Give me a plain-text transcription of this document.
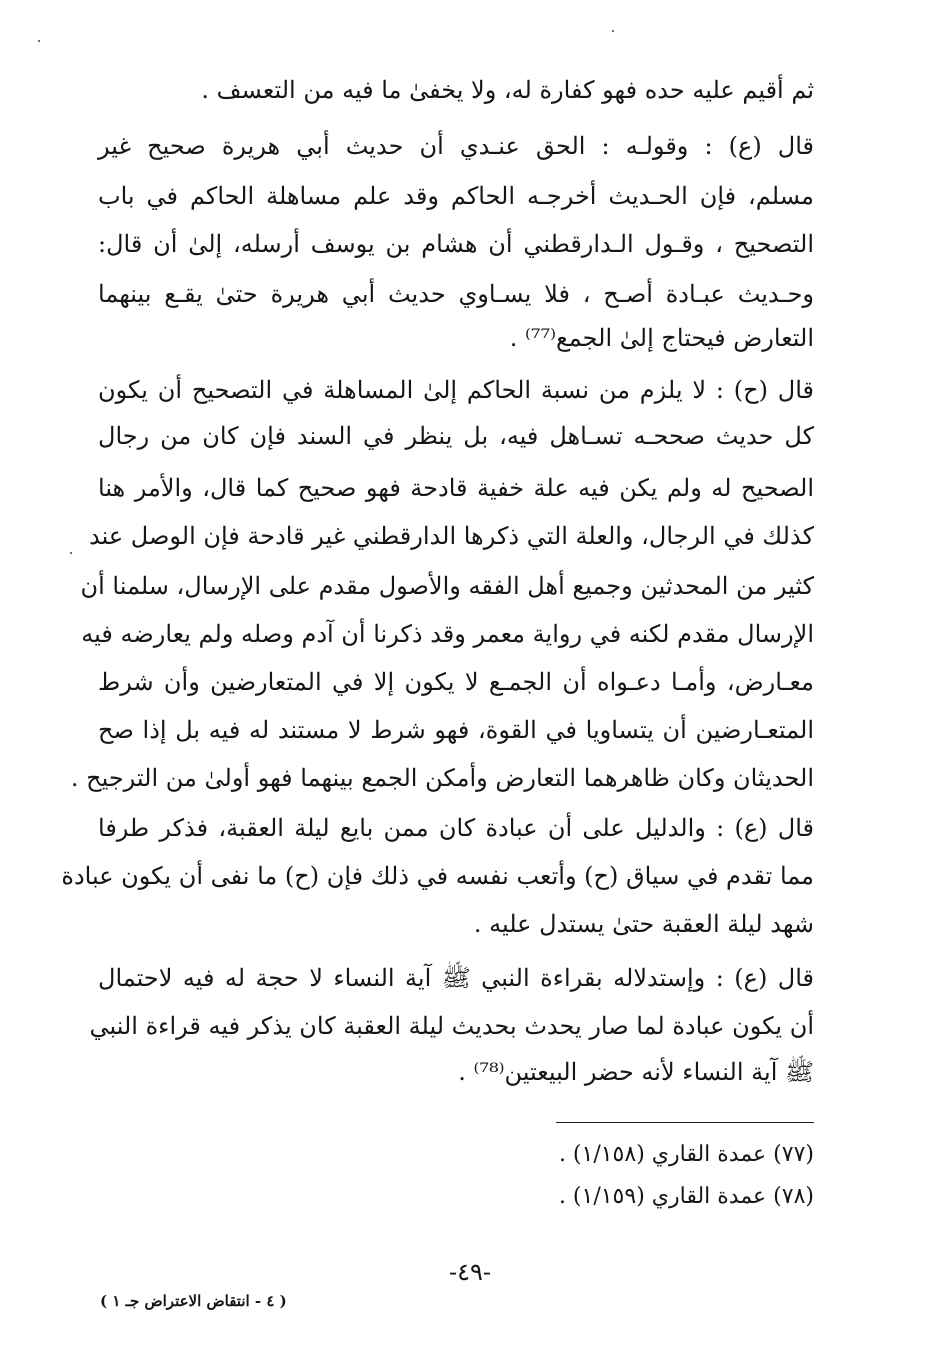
ثم أقيم عليه حده فهو كفارة له، ولا يخفىٰ ما فيه من التعسف .
قال (ع) : وقولـه : الحق عنـدي أن حديث أبي هريرة صحيح غير
مسلم، فإن الحـديث أخرجـه الحاكم وقد علم مساهلة الحاكم في باب
التصحيح ، وقـول الـدارقطني أن هشام بن يوسف أرسله، إلىٰ أن قال:
وحـديث عبـادة أصـح ، فلا يسـاوي حديث أبي هريرة حتىٰ يقـع بينهما
التعارض فيحتاج إلىٰ الجمع⁽⁷⁷⁾ .
قال (ح) : لا يلزم من نسبة الحاكم إلىٰ المساهلة في التصحيح أن يكون
كل حديث صححـه تسـاهل فيه، بل ينظر في السند فإن كان من رجال
الصحيح له ولم يكن فيه علة خفية قادحة فهو صحيح كما قال، والأمر هنا
كذلك في الرجال، والعلة التي ذكرها الدارقطني غير قادحة فإن الوصل عند
كثير من المحدثين وجميع أهل الفقه والأصول مقدم على الإرسال، سلمنا أن
الإرسال مقدم لكنه في رواية معمر وقد ذكرنا أن آدم وصله ولم يعارضه فيه
معـارض، وأمـا دعـواه أن الجمـع لا يكون إلا في المتعارضين وأن شرط
المتعـارضين أن يتساويا في القوة، فهو شرط لا مستند له فيه بل إذا صح
الحديثان وكان ظاهرهما التعارض وأمكن الجمع بينهما فهو أولىٰ من الترجيح .
قال (ع) : والدليل على أن عبادة كان ممن بايع ليلة العقبة، فذكر طرفا
مما تقدم في سياق (ح) وأتعب نفسه في ذلك فإن (ح) ما نفى أن يكون عبادة
شهد ليلة العقبة حتىٰ يستدل عليه .
قال (ع) : وإستدلاله بقراءة النبي ﷺ آية النساء لا حجة له فيه لاحتمال
أن يكون عبادة لما صار يحدث بحديث ليلة العقبة كان يذكر فيه قراءة النبي
ﷺ آية النساء لأنه حضر البيعتين⁽⁷⁸⁾ .
(٧٧) عمدة القاري (١/١٥٨) .
(٧٨) عمدة القاري (١/١٥٩) .
-٤٩-
( ٤ - انتقاض الاعتراض جـ ١ )
